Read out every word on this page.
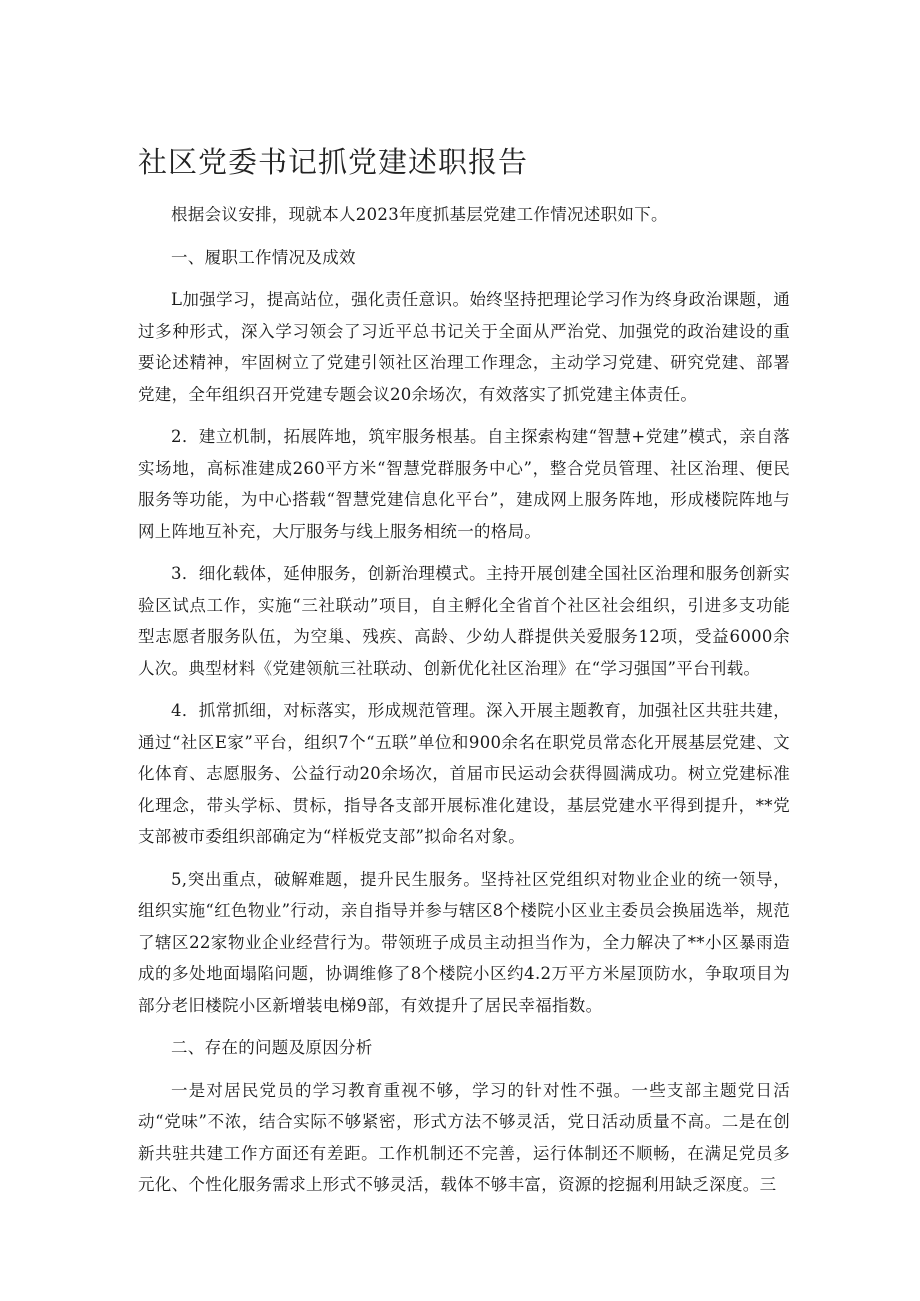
社区党委书记抓党建述职报告

根据会议安排，现就本人2023年度抓基层党建工作情况述职如下。

一、履职工作情况及成效

L加强学习，提高站位，强化责任意识。始终坚持把理论学习作为终身政治课题，通过多种形式，深入学习领会了习近平总书记关于全面从严治党、加强党的政治建设的重要论述精神，牢固树立了党建引领社区治理工作理念，主动学习党建、研究党建、部署党建，全年组织召开党建专题会议20余场次，有效落实了抓党建主体责任。

2．建立机制，拓展阵地，筑牢服务根基。自主探索构建“智慧+党建”模式，亲自落实场地，高标准建成260平方米“智慧党群服务中心”，整合党员管理、社区治理、便民服务等功能，为中心搭载“智慧党建信息化平台”，建成网上服务阵地，形成楼院阵地与网上阵地互补充，大厅服务与线上服务相统一的格局。

3．细化载体，延伸服务，创新治理模式。主持开展创建全国社区治理和服务创新实验区试点工作，实施“三社联动”项目，自主孵化全省首个社区社会组织，引进多支功能型志愿者服务队伍，为空巢、残疾、高龄、少幼人群提供关爱服务12项，受益6000余人次。典型材料《党建领航三社联动、创新优化社区治理》在“学习强国”平台刊载。

4．抓常抓细，对标落实，形成规范管理。深入开展主题教育，加强社区共驻共建，通过“社区E家”平台，组织7个“五联”单位和900余名在职党员常态化开展基层党建、文化体育、志愿服务、公益行动20余场次，首届市民运动会获得圆满成功。树立党建标准化理念，带头学标、贯标，指导各支部开展标准化建设，基层党建水平得到提升，**党支部被市委组织部确定为“样板党支部”拟命名对象。

5,突出重点，破解难题，提升民生服务。坚持社区党组织对物业企业的统一领导，组织实施“红色物业”行动，亲自指导并参与辖区8个楼院小区业主委员会换届选举，规范了辖区22家物业企业经营行为。带领班子成员主动担当作为，全力解决了**小区暴雨造成的多处地面塌陷问题，协调维修了8个楼院小区约4.2万平方米屋顶防水，争取项目为部分老旧楼院小区新增装电梯9部，有效提升了居民幸福指数。

二、存在的问题及原因分析

一是对居民党员的学习教育重视不够，学习的针对性不强。一些支部主题党日活动“党味”不浓，结合实际不够紧密，形式方法不够灵活，党日活动质量不高。二是在创新共驻共建工作方面还有差距。工作机制还不完善，运行体制还不顺畅，在满足党员多元化、个性化服务需求上形式不够灵活，载体不够丰富，资源的挖掘利用缺乏深度。三
